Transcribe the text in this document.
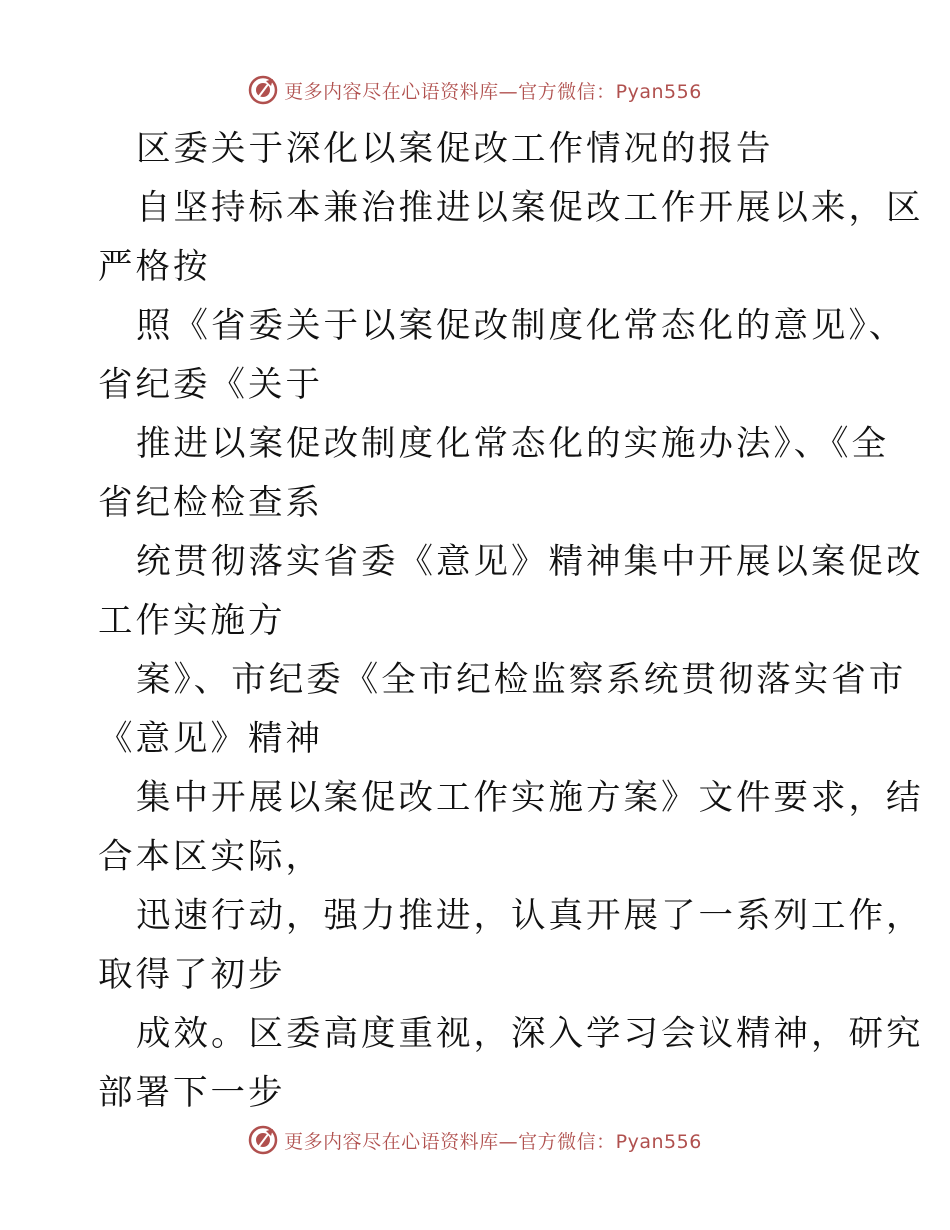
更多内容尽在心语资料库—官方微信：Pyan556
区委关于深化以案促改工作情况的报告
自坚持标本兼治推进以案促改工作开展以来，区
严格按
照《省委关于以案促改制度化常态化的意见》、
省纪委《关于
推进以案促改制度化常态化的实施办法》、《全
省纪检检查系
统贯彻落实省委《意见》精神集中开展以案促改
工作实施方
案》、市纪委《全市纪检监察系统贯彻落实省市
《意见》精神
集中开展以案促改工作实施方案》文件要求，结
合本区实际，
迅速行动，强力推进，认真开展了一系列工作，
取得了初步
成效。区委高度重视，深入学习会议精神，研究
部署下一步
更多内容尽在心语资料库—官方微信：Pyan556
